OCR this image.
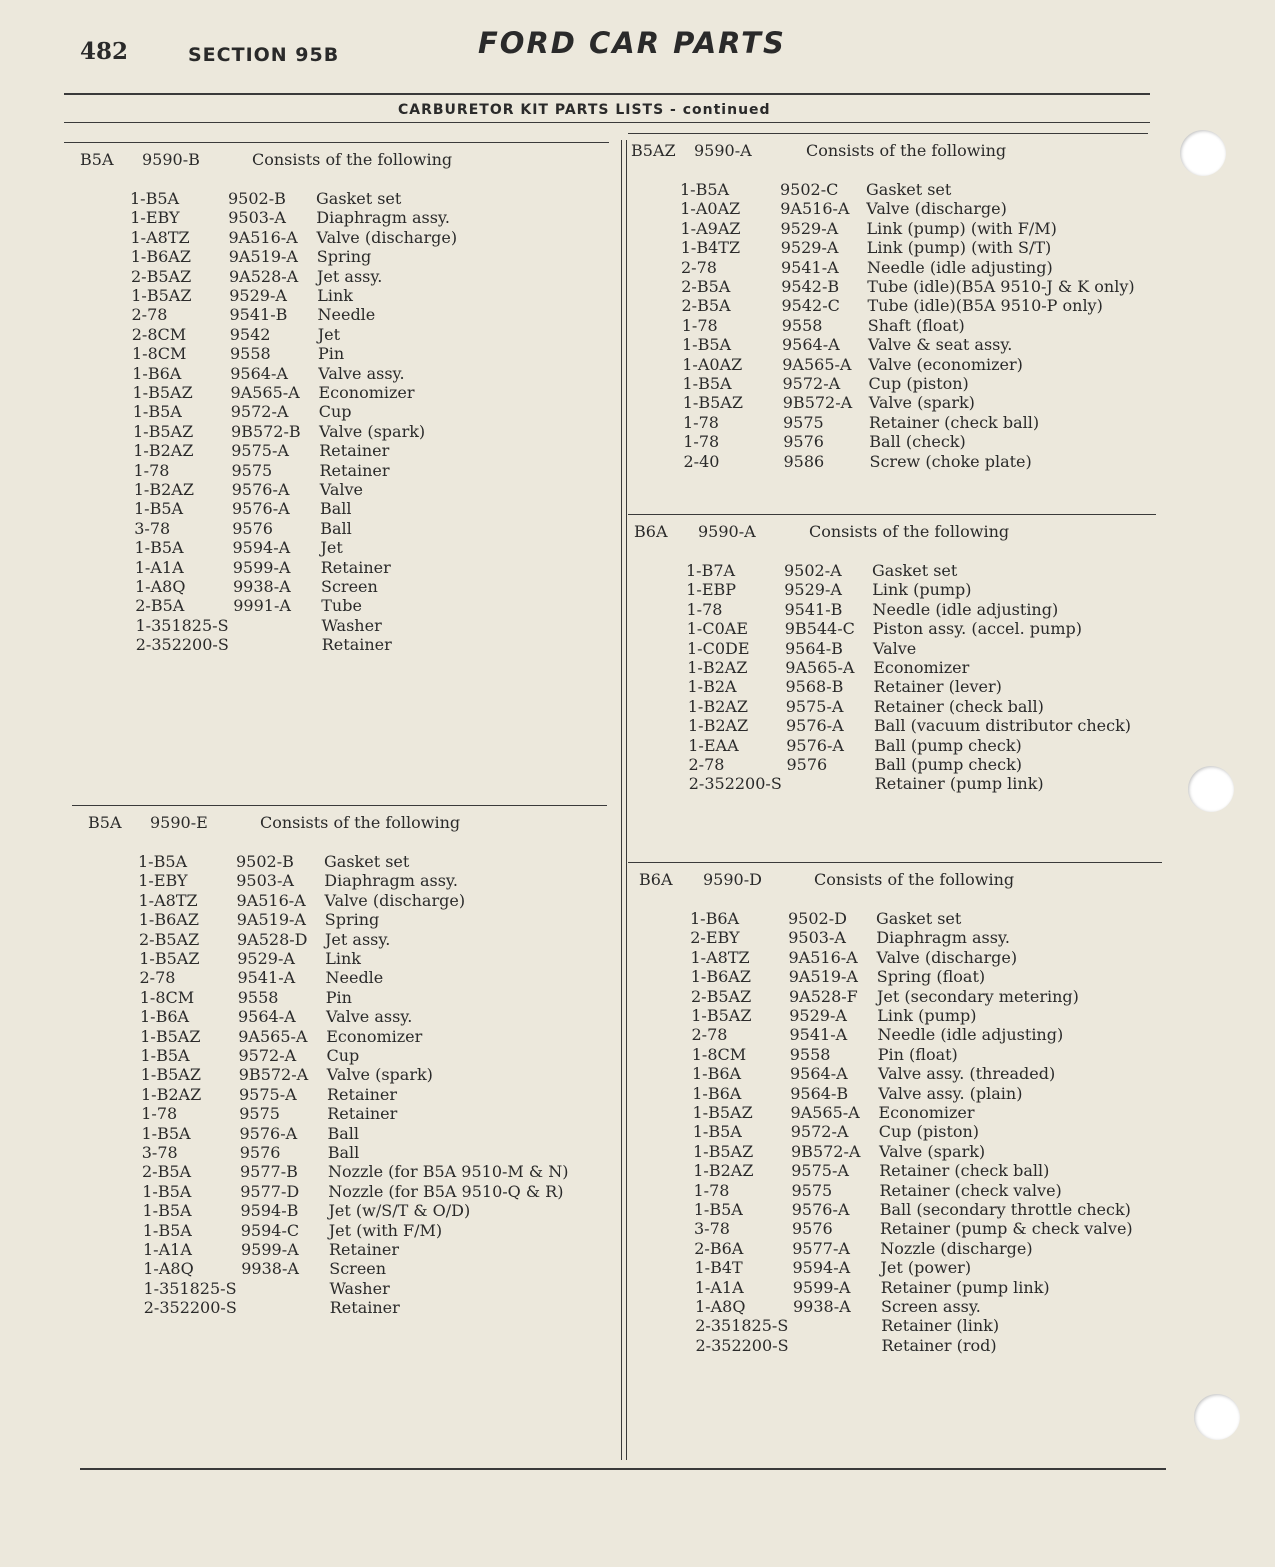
482	SECTION 95B	FORD CAR PARTS
CARBURETOR KIT PARTS LISTS - continued
B5A 9590-B	Consists of the following
1-B5A	9502-B Gasket set
1-EBY	9503-A Diaphragm assy.
1-A8TZ 9A516-A Valve (discharge)
1-B6AZ 9A519-A Spring
2-B5AZ 9A528-A Jet assy.
1-B5AZ 9529-A Link
2-78	9541-B Needle
2-8CM	9542	Jet
1-8CM	9558	Pin
1-B6A	9564-A Valve assy.
1-B5AZ 9A565-A Economizer
1-B5A	9572-A Cup
1-B5AZ 9B572-B Valve (spark)
1-B2AZ 9575-A Retainer
1-78	9575	Retainer
1-B2AZ 9576-A Valve
1-B5A	9576-A Ball
3-78	9576	Ball
1-B5A	9594-A Jet
1-A1A	9599-A Retainer
1-A8Q	9938-A Screen
2-B5A	9991-A Tube
1-351825-S	Washer
2-352200-S	Retainer
B5A 9590-E	Consists of the following
1-B5A	9502-B Gasket set
1-EBY	9503-A Diaphragm assy.
1-A8TZ 9A516-A Valve (discharge)
1-B6AZ 9A519-A Spring
2-B5AZ 9A528-D Jet assy.
1-B5AZ 9529-A Link
2-78	9541-A Needle
1-8CM	9558	Pin
1-B6A	9564-A Valve assy.
1-B5AZ 9A565-A Economizer
1-B5A	9572-A Cup
1-B5AZ 9B572-A Valve (spark)
1-B2AZ 9575-A Retainer
1-78	9575	Retainer
1-B5A	9576-A Ball
3-78	9576	Ball
2-B5A	9577-B Nozzle (for B5A 9510-M & N)
1-B5A	9577-D Nozzle (for B5A 9510-Q & R)
1-B5A	9594-B Jet (w/S/T & O/D)
1-B5A	9594-C Jet (with F/M)
1-A1A	9599-A Retainer
1-A8Q	9938-A Screen
1-351825-S	Washer
2-352200-S	Retainer
B5AZ 9590-A	Consists of the following
1-B5A	9502-C Gasket set
1-A0AZ	9A516-A Valve (discharge)
1-A9AZ	9529-A Link (pump) (with F/M)
1-B4TZ	9529-A Link (pump) (with S/T)
2-78	9541-A Needle (idle adjusting)
2-B5A	9542-B Tube (idle)(B5A 9510-J & K only)
2-B5A	9542-C Tube (idle)(B5A 9510-P only)
1-78	9558	Shaft (float)
1-B5A	9564-A Valve & seat assy.
1-A0AZ	9A565-A Valve (economizer)
1-B5A	9572-A Cup (piston)
1-B5AZ 9B572-A Valve (spark)
1-78	9575	Retainer (check ball)
1-78	9576	Ball (check)
2-40	9586	Screw (choke plate)
B6A 9590-A	Consists of the following
1-B7A	9502-A Gasket set
1-EBP	9529-A Link (pump)
1-78	9541-B Needle (idle adjusting)
1-C0AE 9B544-C Piston assy. (accel. pump)
1-C0DE 9564-B Valve
1-B2AZ 9A565-A Economizer
1-B2A	9568-B Retainer (lever)
1-B2AZ 9575-A Retainer (check ball)
1-B2AZ 9576-A Ball (vacuum distributor check)
1-EAA	9576-A Ball (pump check)
2-78	9576	Ball (pump check)
2-352200-S	Retainer (pump link)
B6A 9590-D	Consists of the following
1-B6A	9502-D Gasket set
2-EBY	9503-A Diaphragm assy.
1-A8TZ 9A516-A Valve (discharge)
1-B6AZ 9A519-A Spring (float)
2-B5AZ 9A528-F Jet (secondary metering)
1-B5AZ 9529-A Link (pump)
2-78	9541-A Needle (idle adjusting)
1-8CM	9558	Pin (float)
1-B6A	9564-A Valve assy. (threaded)
1-B6A	9564-B Valve assy. (plain)
1-B5AZ 9A565-A Economizer
1-B5A	9572-A Cup (piston)
1-B5AZ 9B572-A Valve (spark)
1-B2AZ 9575-A Retainer (check ball)
1-78	9575	Retainer (check valve)
1-B5A	9576-A Ball (secondary throttle check)
3-78	9576	Retainer (pump & check valve)
2-B6A	9577-A Nozzle (discharge)
1-B4T	9594-A Jet (power)
1-A1A	9599-A Retainer (pump link)
1-A8Q	9938-A Screen assy.
2-351825-S	Retainer (link)
2-352200-S	Retainer (rod)
